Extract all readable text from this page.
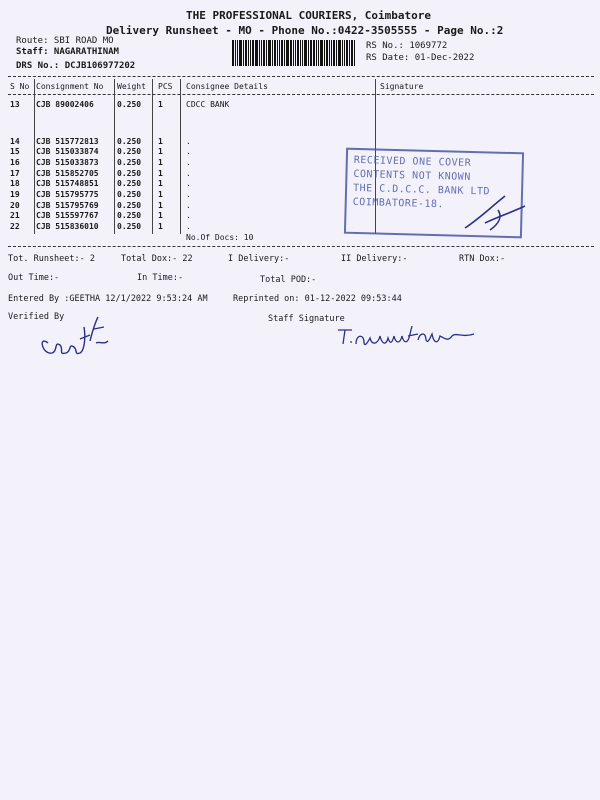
THE PROFESSIONAL COURIERS, Coimbatore
Delivery Runsheet - MO - Phone No.:0422-3505555 - Page No.:2
Route: SBI ROAD MO
Staff: NAGARATHINAM
DRS No.: DCJB106977202
RS No.: 1069772
RS Date: 01-Dec-2022
S No Consignment No Weight PCS Consignee Details	Signature
13 CJB 89002406	0.250 1	CDCC BANK
14 CJB 515772813 0.250 1	.
15 CJB 515033874 0.250 1	.
16 CJB 515033873 0.250 1	.
17 CJB 515852705 0.250 1	.
18 CJB 515748851 0.250 1	.
19 CJB 515795775 0.250 1	.
20 CJB 515795769 0.250 1	.
21 CJB 515597767 0.250 1	.
22 CJB 515836010 0.250 1	.
No.Of Docs: 10
RECEIVED ONE COVER
CONTENTS NOT KNOWN
THE C.D.C.C. BANK LTD
COIMBATORE-18.
Tot. Runsheet:- 2	Total Dox:- 22	I Delivery:-	II Delivery:-	RTN Dox:-
Out Time:-	In Time:-	Total POD:-
Entered By :GEETHA 12/1/2022 9:53:24 AM	Reprinted on: 01-12-2022 09:53:44
Verified By	Staff Signature
